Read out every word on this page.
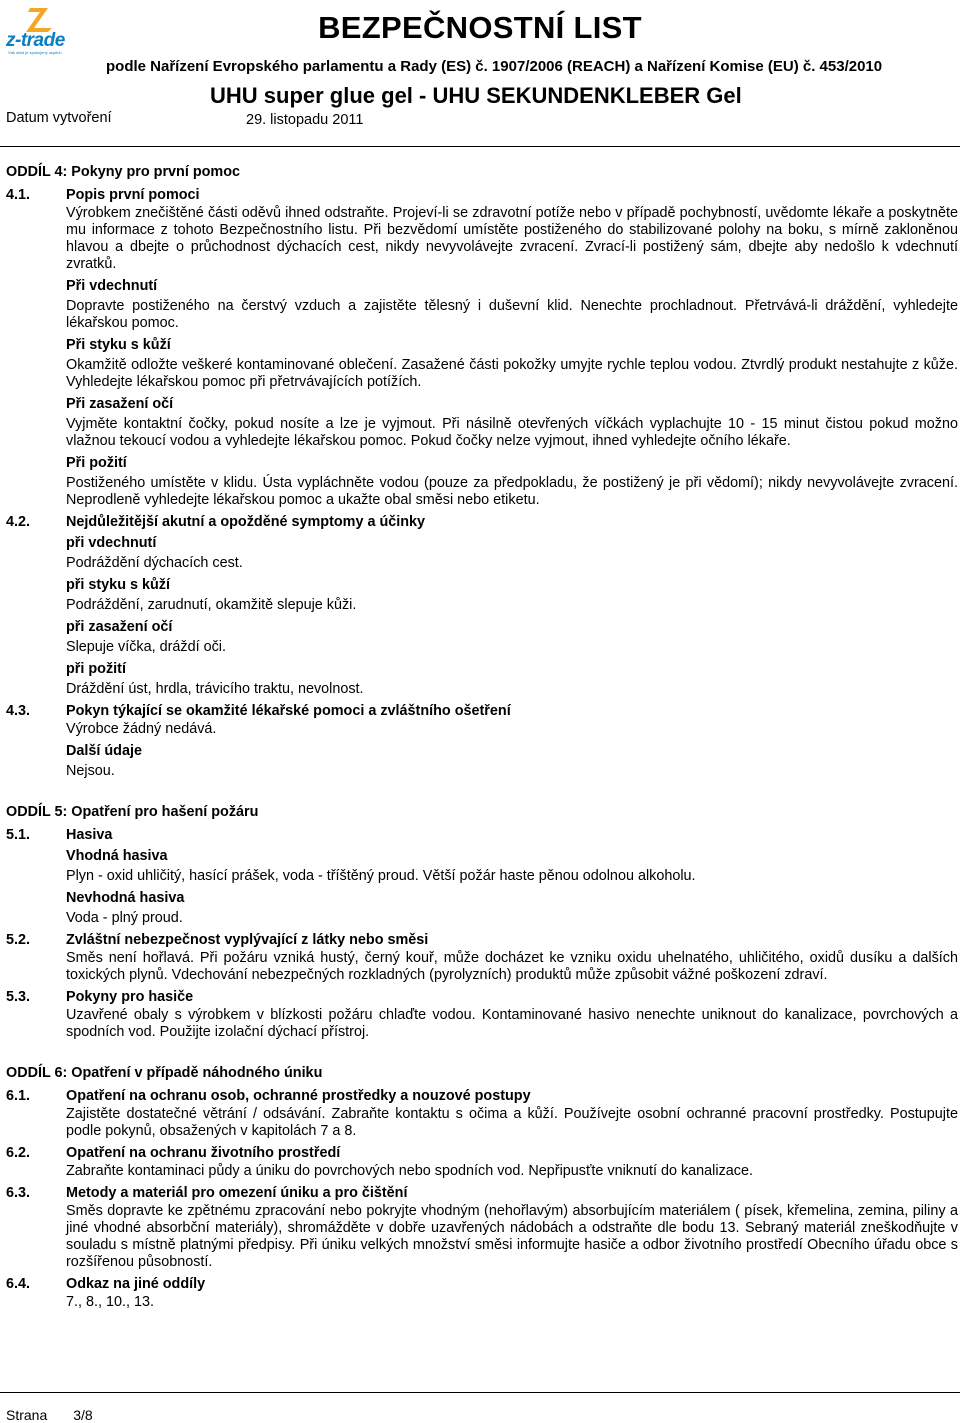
z-trade
Váš úklid je spokojený úspěch
BEZPEČNOSTNÍ LIST
podle Nařízení Evropského parlamentu a Rady (ES) č. 1907/2006 (REACH) a Nařízení Komise (EU) č. 453/2010
UHU super glue gel - UHU SEKUNDENKLEBER Gel
Datum vytvoření	29. listopadu 2011
ODDÍL 4: Pokyny pro první pomoc
4.1.	Popis první pomoci
Výrobkem znečištěné části oděvů ihned odstraňte. Projeví-li se zdravotní potíže nebo v případě pochybností, uvědomte lékaře a poskytněte mu informace z tohoto Bezpečnostního listu. Při bezvědomí umístěte postiženého do stabilizované polohy na boku, s mírně zakloněnou hlavou a dbejte o průchodnost dýchacích cest, nikdy nevyvolávejte zvracení. Zvrací-li postižený sám, dbejte aby nedošlo k vdechnutí zvratků.
Při vdechnutí
Dopravte postiženého na čerstvý vzduch a zajistěte tělesný i duševní klid. Nenechte prochladnout. Přetrvává-li dráždění, vyhledejte lékařskou pomoc.
Při styku s kůží
Okamžitě odložte veškeré kontaminované oblečení. Zasažené části pokožky umyjte rychle teplou vodou. Ztvrdlý produkt nestahujte z kůže. Vyhledejte lékařskou pomoc při přetrvávajících potížích.
Při zasažení očí
Vyjměte kontaktní čočky, pokud nosíte a lze je vyjmout. Při násilně otevřených víčkách vyplachujte 10 - 15 minut čistou pokud možno vlažnou tekoucí vodou a vyhledejte lékařskou pomoc. Pokud čočky nelze vyjmout, ihned vyhledejte očního lékaře.
Při požití
Postiženého umístěte v klidu. Ústa vypláchněte vodou (pouze za předpokladu, že postižený je při vědomí); nikdy nevyvolávejte zvracení. Neprodleně vyhledejte lékařskou pomoc a ukažte obal směsi nebo etiketu.
4.2.	Nejdůležitější akutní a opožděné symptomy a účinky
při vdechnutí
Podráždění dýchacích cest.
při styku s kůží
Podráždění, zarudnutí, okamžitě slepuje kůži.
při zasažení očí
Slepuje víčka, dráždí oči.
při požití
Dráždění úst, hrdla, trávicího traktu, nevolnost.
4.3.	Pokyn týkající se okamžité lékařské pomoci a zvláštního ošetření
Výrobce žádný nedává.
Další údaje
Nejsou.
ODDÍL 5: Opatření pro hašení požáru
5.1.	Hasiva
Vhodná hasiva
Plyn - oxid uhličitý, hasící prášek, voda - tříštěný proud. Větší požár haste pěnou odolnou alkoholu.
Nevhodná hasiva
Voda - plný proud.
5.2.	Zvláštní nebezpečnost vyplývající z látky nebo směsi
Směs není hořlavá. Při požáru vzniká hustý, černý kouř, může docházet ke vzniku oxidu uhelnatého, uhličitého, oxidů dusíku a dalších toxických plynů. Vdechování nebezpečných rozkladných (pyrolyzních) produktů může způsobit vážné poškození zdraví.
5.3.	Pokyny pro hasiče
Uzavřené obaly s výrobkem v blízkosti požáru chlaďte vodou. Kontaminované hasivo nenechte uniknout do kanalizace, povrchových a spodních vod. Použijte izolační dýchací přístroj.
ODDÍL 6: Opatření v případě náhodného úniku
6.1.	Opatření na ochranu osob, ochranné prostředky a nouzové postupy
Zajistěte dostatečné větrání / odsávání. Zabraňte kontaktu s očima a kůží. Používejte osobní ochranné pracovní prostředky. Postupujte podle pokynů, obsažených v kapitolách 7 a 8.
6.2.	Opatření na ochranu životního prostředí
Zabraňte kontaminaci půdy a úniku do povrchových nebo spodních vod. Nepřipusťte vniknutí do kanalizace.
6.3.	Metody a materiál pro omezení úniku a pro čištění
Směs dopravte ke zpětnému zpracování nebo pokryjte vhodným (nehořlavým) absorbujícím materiálem ( písek, křemelina, zemina, piliny a jiné vhodné absorbční materiály), shromážděte v dobře uzavřených nádobách a odstraňte dle bodu 13. Sebraný materiál zneškodňujte v souladu s místně platnými předpisy. Při úniku velkých množství směsi informujte hasiče a odbor životního prostředí Obecního úřadu obce s rozšířenou působností.
6.4.	Odkaz na jiné oddíly
7., 8., 10., 13.
Strana 3/8
